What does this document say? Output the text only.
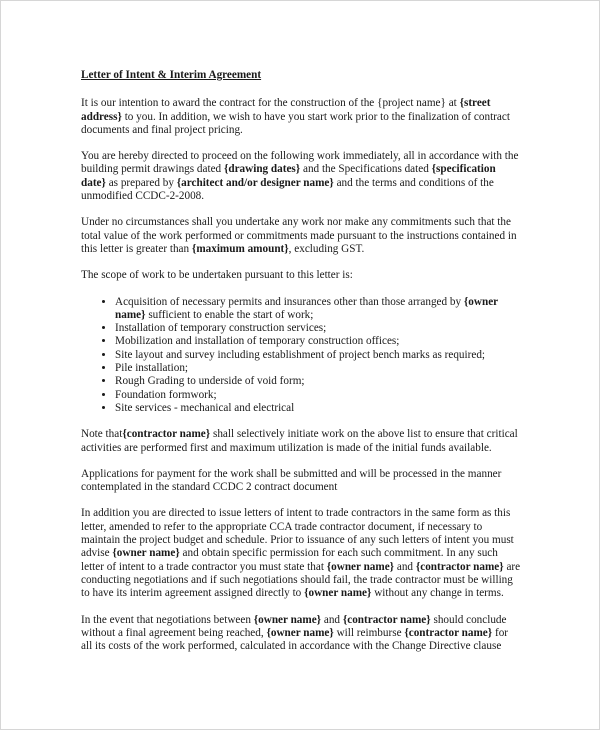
Letter of Intent & Interim Agreement

It is our intention to award the contract for the construction of the {project name} at {street address} to you. In addition, we wish to have you start work prior to the finalization of contract documents and final project pricing.

You are hereby directed to proceed on the following work immediately, all in accordance with the building permit drawings dated {drawing dates} and the Specifications dated {specification date} as prepared by {architect and/or designer name} and the terms and conditions of the unmodified CCDC-2-2008.

Under no circumstances shall you undertake any work nor make any commitments such that the total value of the work performed or commitments made pursuant to the instructions contained in this letter is greater than {maximum amount}, excluding GST.

The scope of work to be undertaken pursuant to this letter is:

• Acquisition of necessary permits and insurances other than those arranged by {owner name} sufficient to enable the start of work;
• Installation of temporary construction services;
• Mobilization and installation of temporary construction offices;
• Site layout and survey including establishment of project bench marks as required;
• Pile installation;
• Rough Grading to underside of void form;
• Foundation formwork;
• Site services - mechanical and electrical

Note that{contractor name} shall selectively initiate work on the above list to ensure that critical activities are performed first and maximum utilization is made of the initial funds available.

Applications for payment for the work shall be submitted and will be processed in the manner contemplated in the standard CCDC 2 contract document

In addition you are directed to issue letters of intent to trade contractors in the same form as this letter, amended to refer to the appropriate CCA trade contractor document, if necessary to maintain the project budget and schedule. Prior to issuance of any such letters of intent you must advise {owner name} and obtain specific permission for each such commitment. In any such letter of intent to a trade contractor you must state that {owner name} and {contractor name} are conducting negotiations and if such negotiations should fail, the trade contractor must be willing to have its interim agreement assigned directly to {owner name} without any change in terms.

In the event that negotiations between {owner name} and {contractor name} should conclude without a final agreement being reached, {owner name} will reimburse {contractor name} for all its costs of the work performed, calculated in accordance with the Change Directive clause
